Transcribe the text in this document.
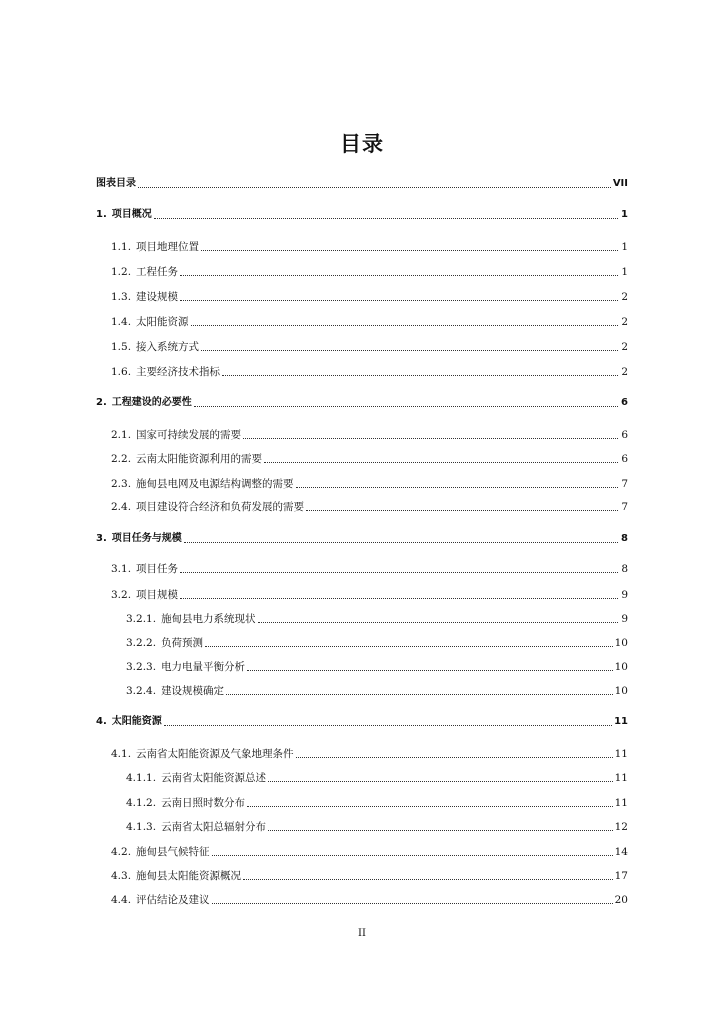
目录
图表目录	VII
1. 项目概况	1
1.1. 项目地理位置	1
1.2. 工程任务	1
1.3. 建设规模	2
1.4. 太阳能资源	2
1.5. 接入系统方式	2
1.6. 主要经济技术指标	2
2. 工程建设的必要性	6
2.1. 国家可持续发展的需要	6
2.2. 云南太阳能资源利用的需要	6
2.3. 施甸县电网及电源结构调整的需要	7
2.4. 项目建设符合经济和负荷发展的需要	7
3. 项目任务与规模	8
3.1. 项目任务	8
3.2. 项目规模	9
3.2.1. 施甸县电力系统现状	9
3.2.2. 负荷预测	10
3.2.3. 电力电量平衡分析	10
3.2.4. 建设规模确定	10
4. 太阳能资源	11
4.1. 云南省太阳能资源及气象地理条件	11
4.1.1. 云南省太阳能资源总述	11
4.1.2. 云南日照时数分布	11
4.1.3. 云南省太阳总辐射分布	12
4.2. 施甸县气候特征	14
4.3. 施甸县太阳能资源概况	17
4.4. 评估结论及建议	20
II
